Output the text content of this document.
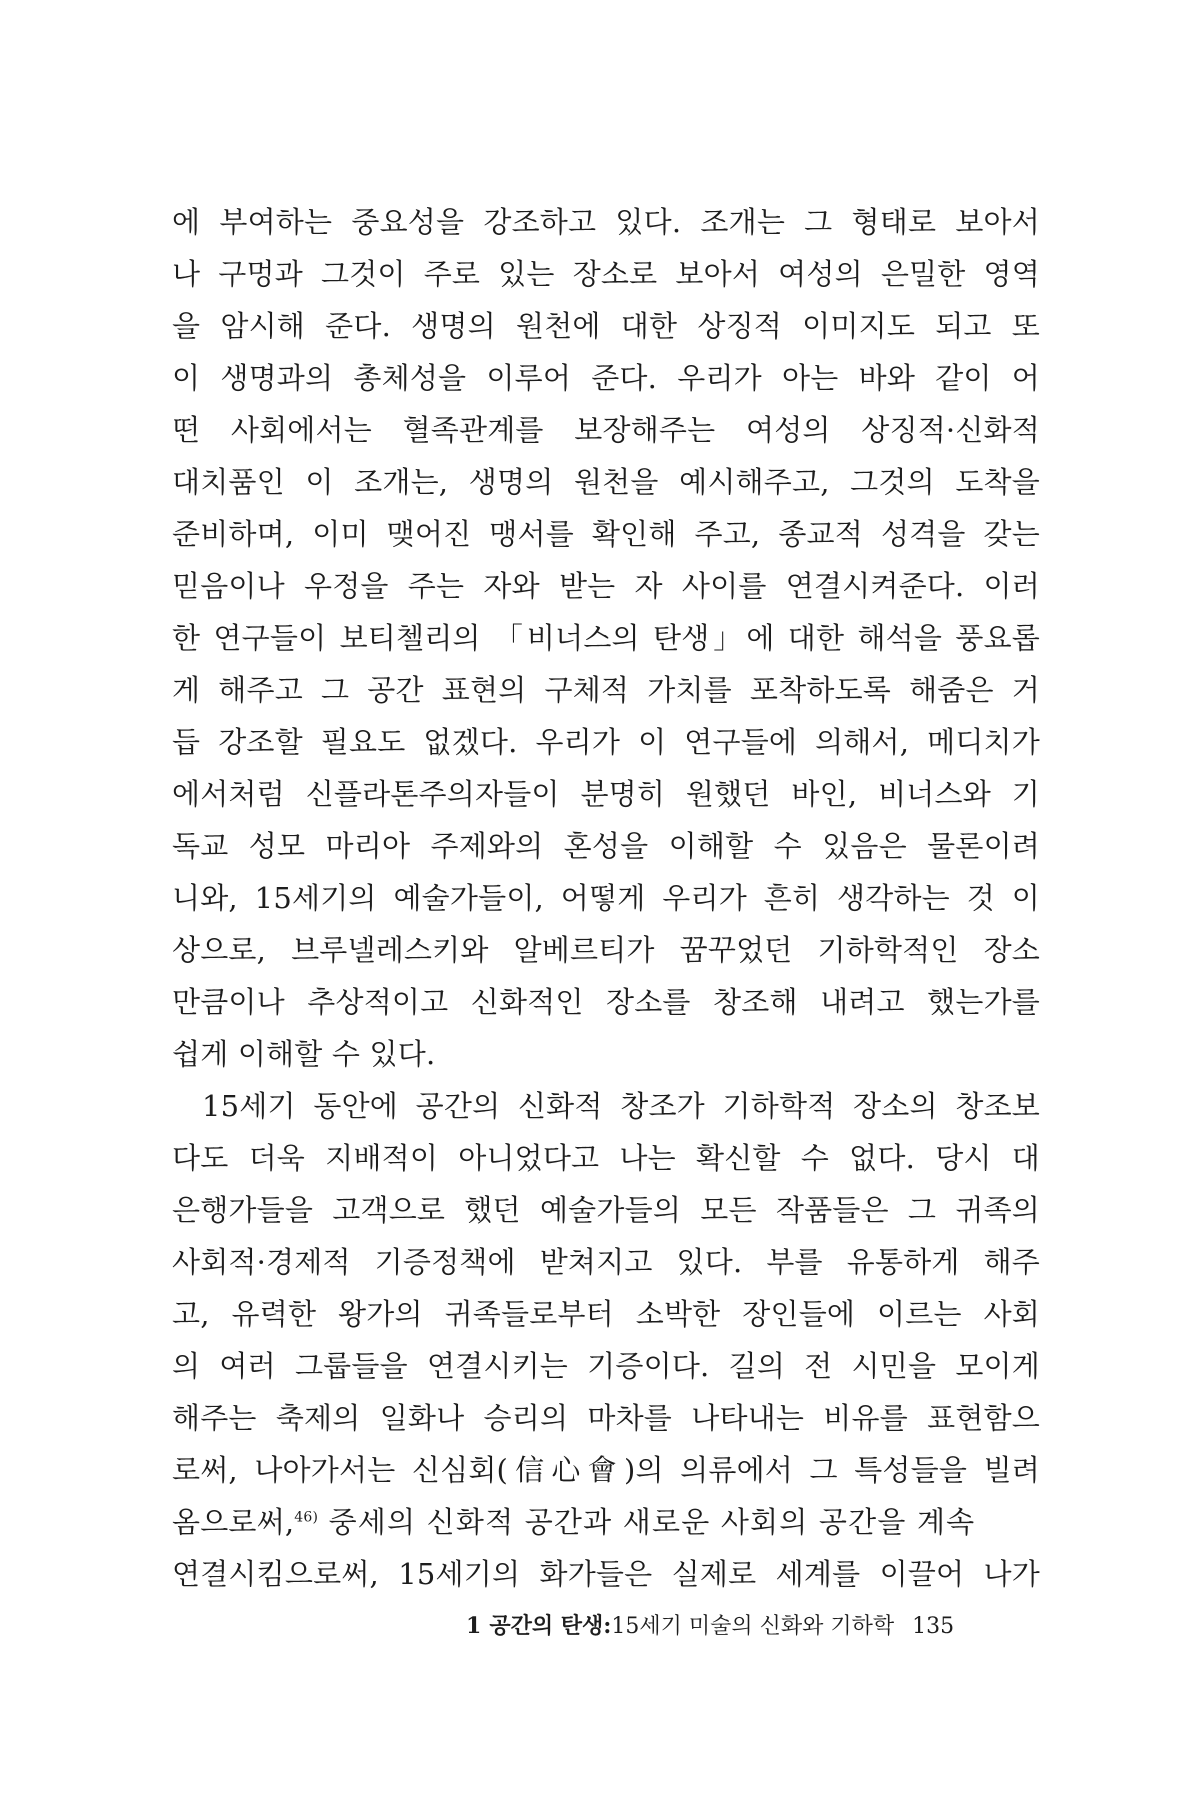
에 부여하는 중요성을 강조하고 있다. 조개는 그 형태로 보아서
나 구멍과 그것이 주로 있는 장소로 보아서 여성의 은밀한 영역
을 암시해 준다. 생명의 원천에 대한 상징적 이미지도 되고 또
이 생명과의 총체성을 이루어 준다. 우리가 아는 바와 같이 어
떤 사회에서는 혈족관계를 보장해주는 여성의 상징적·신화적
대치품인 이 조개는, 생명의 원천을 예시해주고, 그것의 도착을
준비하며, 이미 맺어진 맹서를 확인해 주고, 종교적 성격을 갖는
믿음이나 우정을 주는 자와 받는 자 사이를 연결시켜준다. 이러
한 연구들이 보티첼리의 「비너스의 탄생」에 대한 해석을 풍요롭
게 해주고 그 공간 표현의 구체적 가치를 포착하도록 해줌은 거
듭 강조할 필요도 없겠다. 우리가 이 연구들에 의해서, 메디치가
에서처럼 신플라톤주의자들이 분명히 원했던 바인, 비너스와 기
독교 성모 마리아 주제와의 혼성을 이해할 수 있음은 물론이려
니와, 15세기의 예술가들이, 어떻게 우리가 흔히 생각하는 것 이
상으로, 브루넬레스키와 알베르티가 꿈꾸었던 기하학적인 장소
만큼이나 추상적이고 신화적인 장소를 창조해 내려고 했는가를
쉽게 이해할 수 있다.
15세기 동안에 공간의 신화적 창조가 기하학적 장소의 창조보
다도 더욱 지배적이 아니었다고 나는 확신할 수 없다. 당시 대
은행가들을 고객으로 했던 예술가들의 모든 작품들은 그 귀족의
사회적·경제적 기증정책에 받쳐지고 있다. 부를 유통하게 해주
고, 유력한 왕가의 귀족들로부터 소박한 장인들에 이르는 사회
의 여러 그룹들을 연결시키는 기증이다. 길의 전 시민을 모이게
해주는 축제의 일화나 승리의 마차를 나타내는 비유를 표현함으
로써, 나아가서는 신심회(信心會)의 의류에서 그 특성들을 빌려
옴으로써,$^{46)}$ 중세의 신화적 공간과 새로운 사회의 공간을 계속
연결시킴으로써, 15세기의 화가들은 실제로 세계를 이끌어 나가
1 공간의 탄생:15세기 미술의 신화와 기하학 135
